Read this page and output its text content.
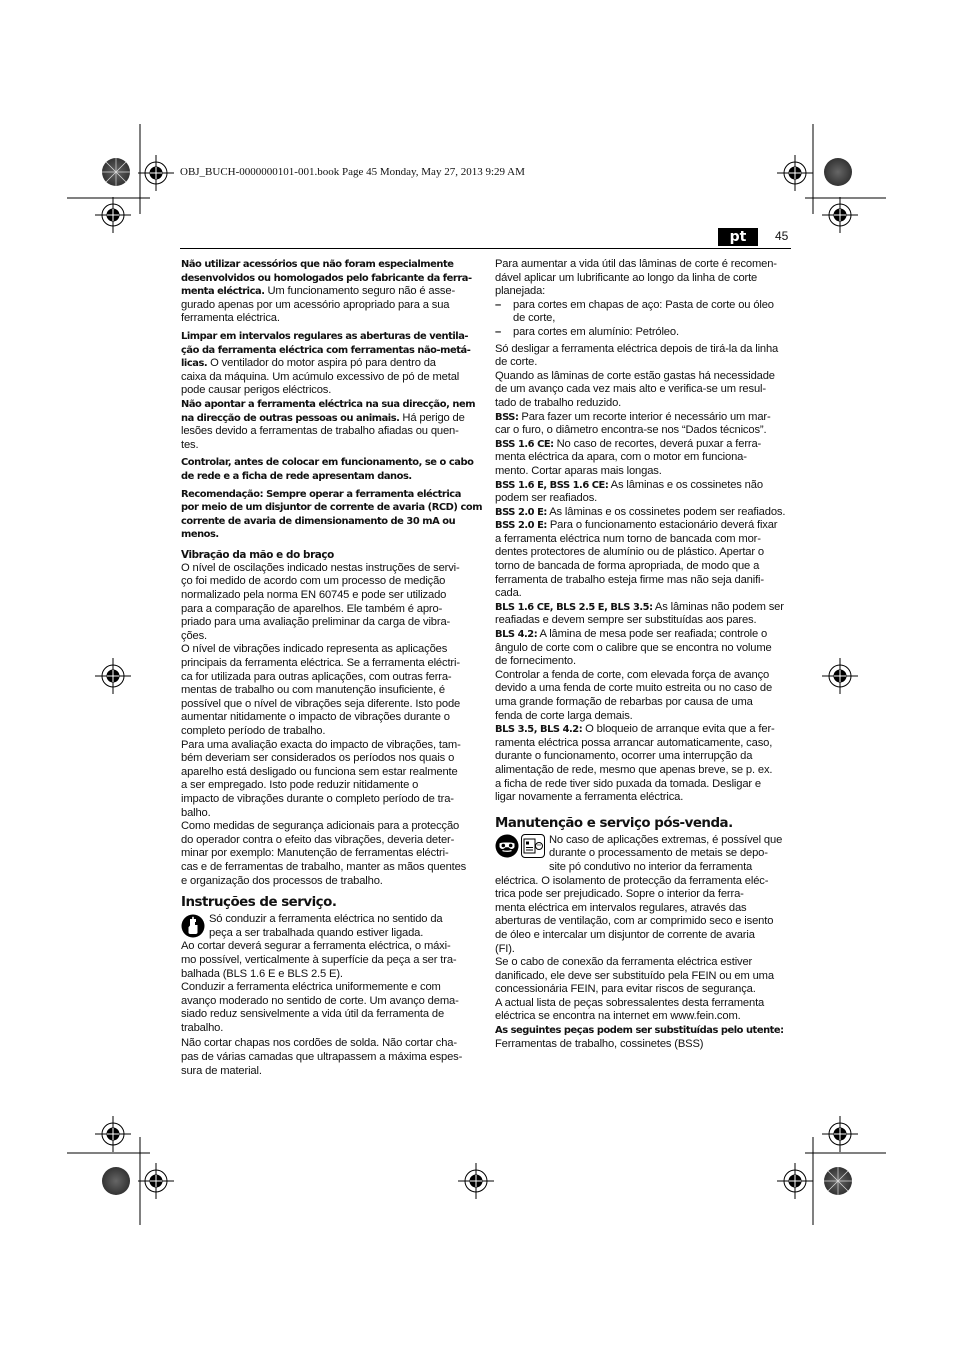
OBJ_BUCH-0000000101-001.book Page 45 Monday, May 27, 2013 9:29 AM
pt	45
Não utilizar acessórios que não foram especialmente
desenvolvidos ou homologados pelo fabricante da ferra-
menta eléctrica. Um funcionamento seguro não é asse-
gurado apenas por um acessório apropriado para a sua
ferramenta eléctrica.
Limpar em intervalos regulares as aberturas de ventila-
ção da ferramenta eléctrica com ferramentas não-metá-
licas. O ventilador do motor aspira pó para dentro da
caixa da máquina. Um acúmulo excessivo de pó de metal
pode causar perigos eléctricos.
Não apontar a ferramenta eléctrica na sua direcção, nem
na direcção de outras pessoas ou animais. Há perigo de
lesões devido a ferramentas de trabalho afiadas ou quen-
tes.
Controlar, antes de colocar em funcionamento, se o cabo
de rede e a ficha de rede apresentam danos.
Recomendação: Sempre operar a ferramenta eléctrica
por meio de um disjuntor de corrente de avaria (RCD) com
corrente de avaria de dimensionamento de 30 mA ou
menos.
Vibração da mão e do braço
O nível de oscilações indicado nestas instruções de servi-
ço foi medido de acordo com um processo de medição
normalizado pela norma EN 60745 e pode ser utilizado
para a comparação de aparelhos. Ele também é apro-
priado para uma avaliação preliminar da carga de vibra-
ções.
O nível de vibrações indicado representa as aplicações
principais da ferramenta eléctrica. Se a ferramenta eléctri-
ca for utilizada para outras aplicações, com outras ferra-
mentas de trabalho ou com manutenção insuficiente, é
possível que o nível de vibrações seja diferente. Isto pode
aumentar nitidamente o impacto de vibrações durante o
completo período de trabalho.
Para uma avaliação exacta do impacto de vibrações, tam-
bém deveriam ser considerados os períodos nos quais o
aparelho está desligado ou funciona sem estar realmente
a ser empregado. Isto pode reduzir nitidamente o
impacto de vibrações durante o completo período de tra-
balho.
Como medidas de segurança adicionais para a protecção
do operador contra o efeito das vibrações, deveria deter-
minar por exemplo: Manutenção de ferramentas eléctri-
cas e de ferramentas de trabalho, manter as mãos quentes
e organização dos processos de trabalho.
Instruções de serviço.
Só conduzir a ferramenta eléctrica no sentido da
peça a ser trabalhada quando estiver ligada.
Ao cortar deverá segurar a ferramenta eléctrica, o máxi-
mo possível, verticalmente à superfície da peça a ser tra-
balhada (BLS 1.6 E e BLS 2.5 E).
Conduzir a ferramenta eléctrica uniformemente e com
avanço moderado no sentido de corte. Um avanço dema-
siado reduz sensivelmente a vida útil da ferramenta de
trabalho.
Não cortar chapas nos cordões de solda. Não cortar cha-
pas de várias camadas que ultrapassem a máxima espes-
sura de material.
Para aumentar a vida útil das lâminas de corte é recomen-
dável aplicar um lubrificante ao longo da linha de corte
planejada:
– para cortes em chapas de aço: Pasta de corte ou óleo
de corte,
– para cortes em alumínio: Petróleo.
Só desligar a ferramenta eléctrica depois de tirá-la da linha
de corte.
Quando as lâminas de corte estão gastas há necessidade
de um avanço cada vez mais alto e verifica-se um resul-
tado de trabalho reduzido.
BSS: Para fazer um recorte interior é necessário um mar-
car o furo, o diâmetro encontra-se nos “Dados técnicos”.
BSS 1.6 CE: No caso de recortes, deverá puxar a ferra-
menta eléctrica da apara, com o motor em funciona-
mento. Cortar aparas mais longas.
BSS 1.6 E, BSS 1.6 CE: As lâminas e os cossinetes não
podem ser reafiados.
BSS 2.0 E: As lâminas e os cossinetes podem ser reafiados.
BSS 2.0 E: Para o funcionamento estacionário deverá fixar
a ferramenta eléctrica num torno de bancada com mor-
dentes protectores de alumínio ou de plástico. Apertar o
torno de bancada de forma apropriada, de modo que a
ferramenta de trabalho esteja firme mas não seja danifi-
cada.
BLS 1.6 CE, BLS 2.5 E, BLS 3.5: As lâminas não podem ser
reafiadas e devem sempre ser substituídas aos pares.
BLS 4.2: A lâmina de mesa pode ser reafiada; controle o
ângulo de corte com o calibre que se encontra no volume
de fornecimento.
Controlar a fenda de corte, com elevada força de avanço
devido a uma fenda de corte muito estreita ou no caso de
uma grande formação de rebarbas por causa de uma
fenda de corte larga demais.
BLS 3.5, BLS 4.2: O bloqueio de arranque evita que a fer-
ramenta eléctrica possa arrancar automaticamente, caso,
durante o funcionamento, ocorrer uma interrupção da
alimentação de rede, mesmo que apenas breve, se p. ex.
a ficha de rede tiver sido puxada da tomada. Desligar e
ligar novamente a ferramenta eléctrica.
Manutenção e serviço pós-venda.
No caso de aplicações extremas, é possível que
durante o processamento de metais se depo-
site pó condutivo no interior da ferramenta
eléctrica. O isolamento de protecção da ferramenta eléc-
trica pode ser prejudicado. Sopre o interior da ferra-
menta eléctrica em intervalos regulares, através das
aberturas de ventilação, com ar comprimido seco e isento
de óleo e intercalar um disjuntor de corrente de avaria
(FI).
Se o cabo de conexão da ferramenta eléctrica estiver
danificado, ele deve ser substituído pela FEIN ou em uma
concessionária FEIN, para evitar riscos de segurança.
A actual lista de peças sobressalentes desta ferramenta
eléctrica se encontra na internet em www.fein.com.
As seguintes peças podem ser substituídas pelo utente:
Ferramentas de trabalho, cossinetes (BSS)
